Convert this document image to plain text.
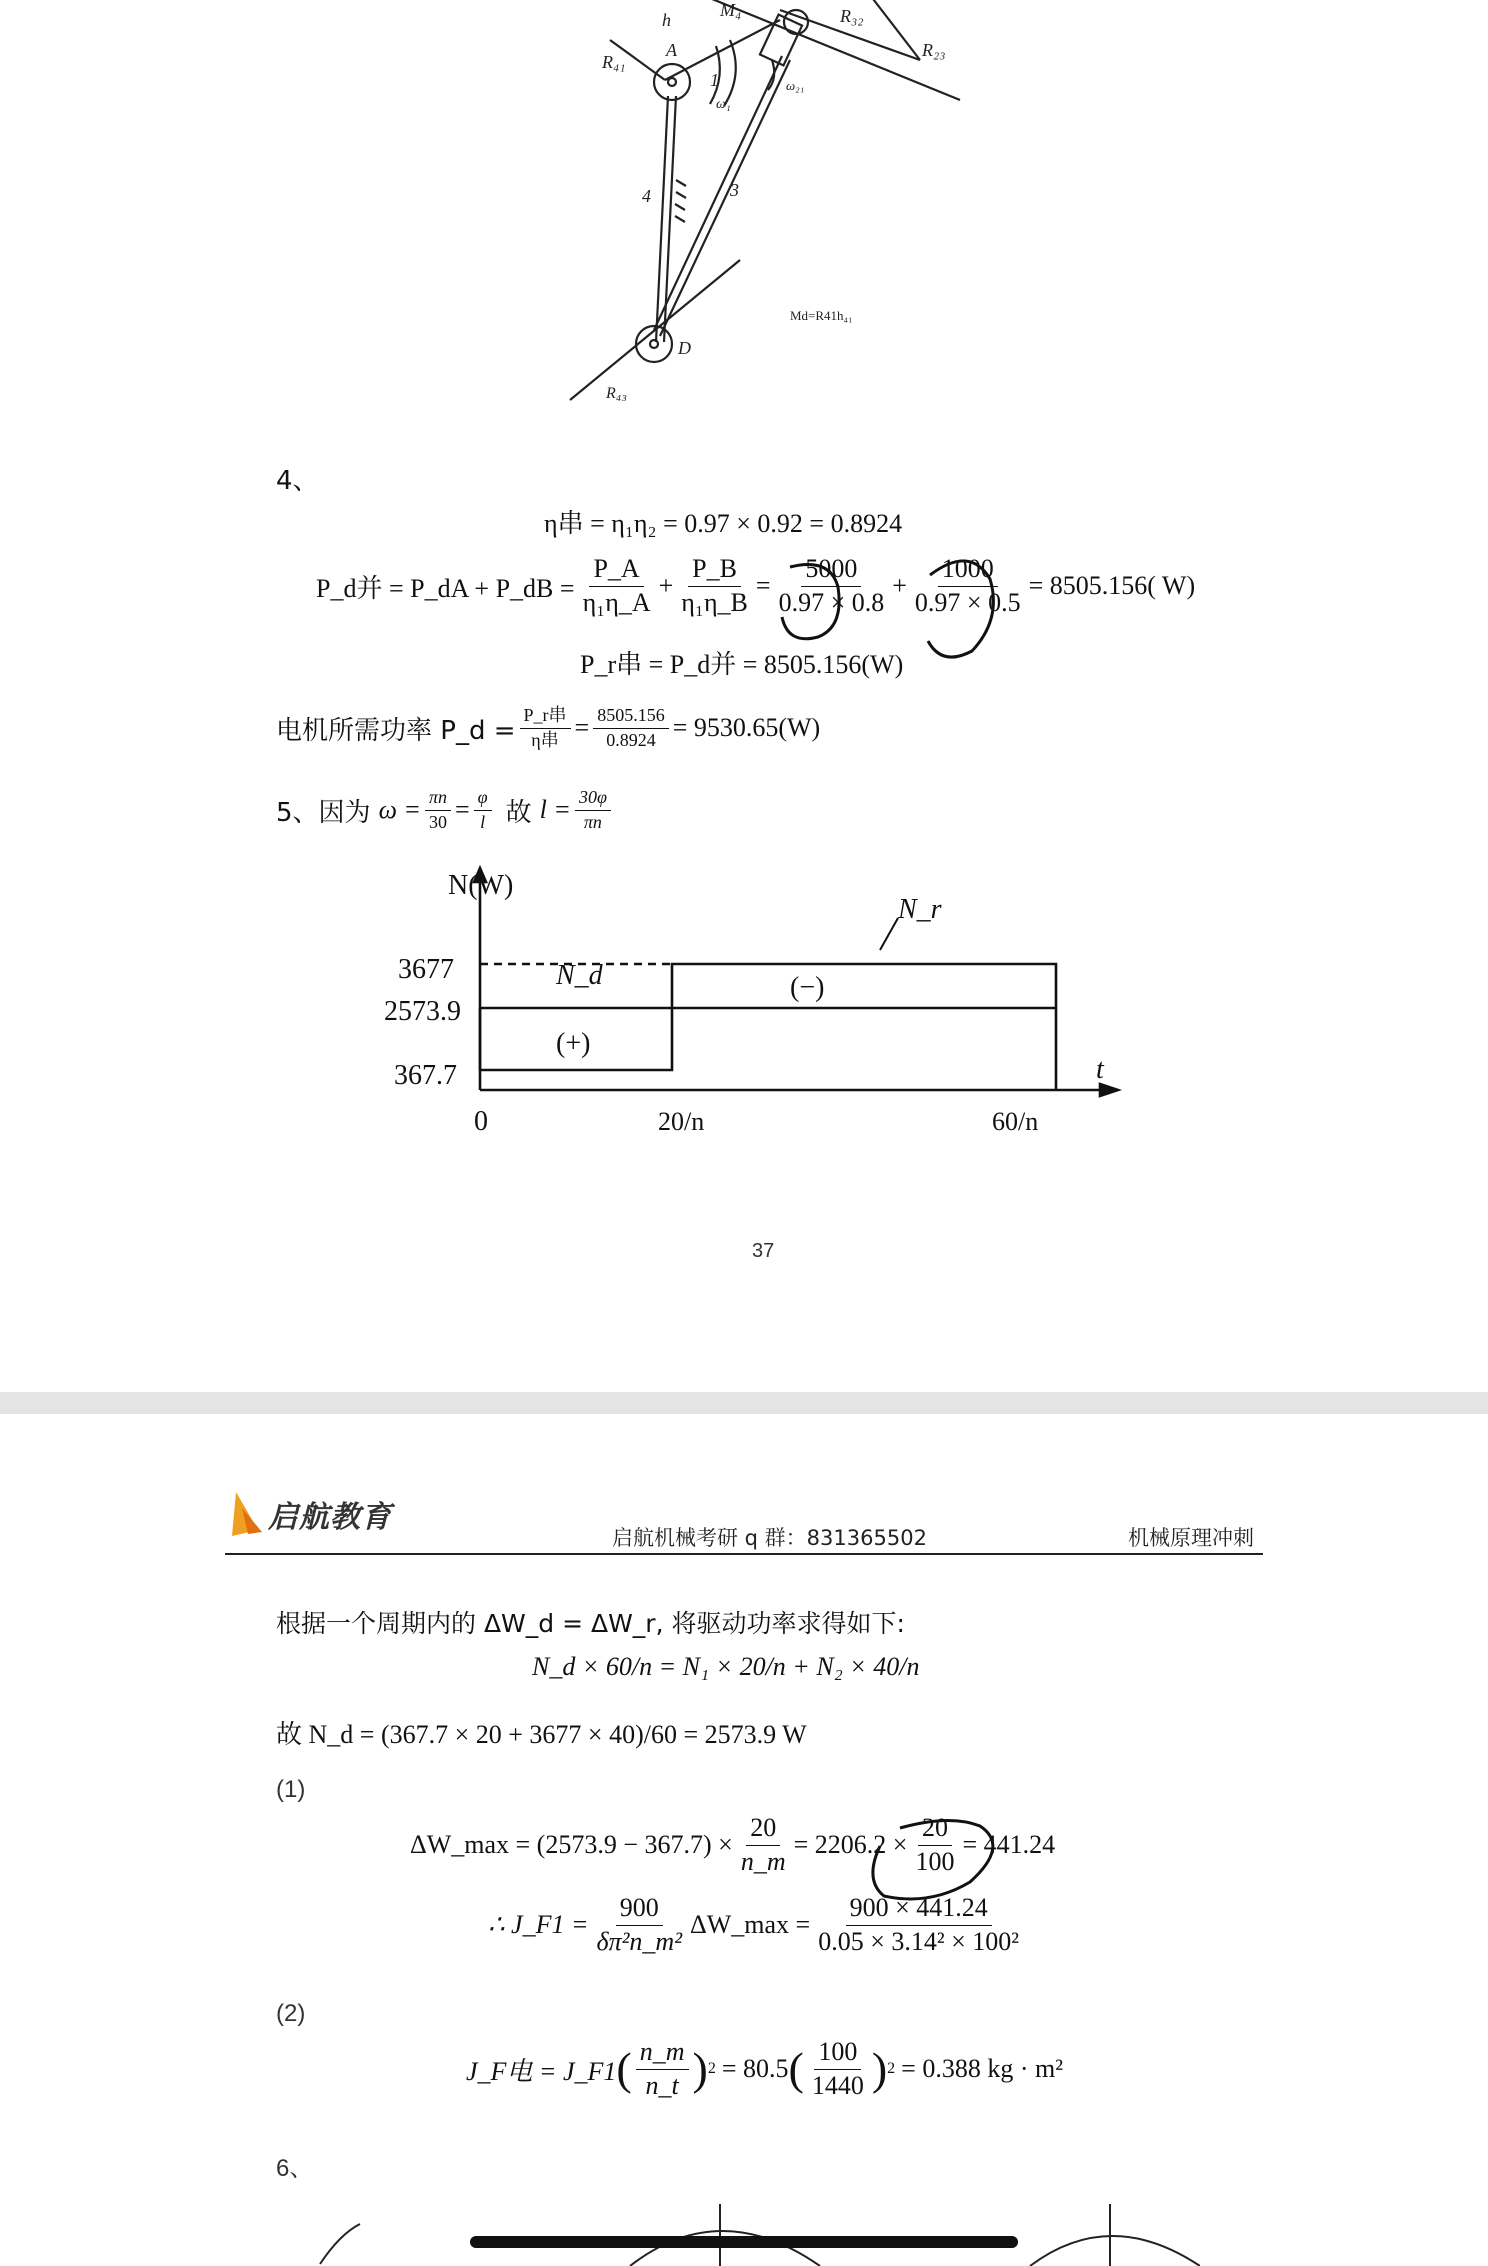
h	M₄	R₃₂
R₂₃
R₄₁
A
1
ω₁
ω₂₁
4	3
D
R₄₃
Md=R41h₄₁
4、
η串 = η₁η₂ = 0.97 × 0.92 = 0.8924
P_d并 = P_dA + P_dB = $\frac{P\_A}{\text{η₁η\_A}} + \frac{P\_B}{\text{η₁η\_B}} = \frac{5000}{0.97 \times 0.8} + \frac{1000}{0.97 \times 0.5} = 8505.156$( W)
P_r串 = P_d并 = 8505.156(W)
电机所需功率 P_d = $\frac{\text{P\_r串}}{\text{η串}} = \frac{8505.156}{0.8924} = 9530.65(W)$
5、 因为 $\omega = \frac{\pi n}{30} = \frac{\varphi}{l}$ 故 $l = \frac{30\varphi}{\pi n}$
N(W)
t
3677
2573.9
367.7
0	20/n	60/n
N_r
N_d
(+)
(−)
37
启航教育
启航机械考研 q 群：831365502	机械原理冲刺
根据一个周期内的 ΔW_d = ΔW_r, 将驱动功率求得如下:
N_d × 60/n = N₁ × 20/n + N₂ × 40/n
故 N_d = (367.7 × 20 + 3677 × 40)/60 = 2573.9 W
(1)
ΔW_max = $(2573.9 - 367.7) \times \frac{20}{n\_m} = 2206.2 \times \frac{20}{100} = 441.24$
∴ J_F1 = $\frac{900}{\text{δπ²n\_m²}}$ ΔW_max = $\frac{900 \times 441.24}{\text{0.05 × 3.14² × 100²}}$
(2)
J_F电 = J_F1 ( $\frac{n\_m}{n\_t}$ ) 2 = 80.5 ( $\frac{100}{1440}$ ) 2 = 0.388 kg · m²
6、
